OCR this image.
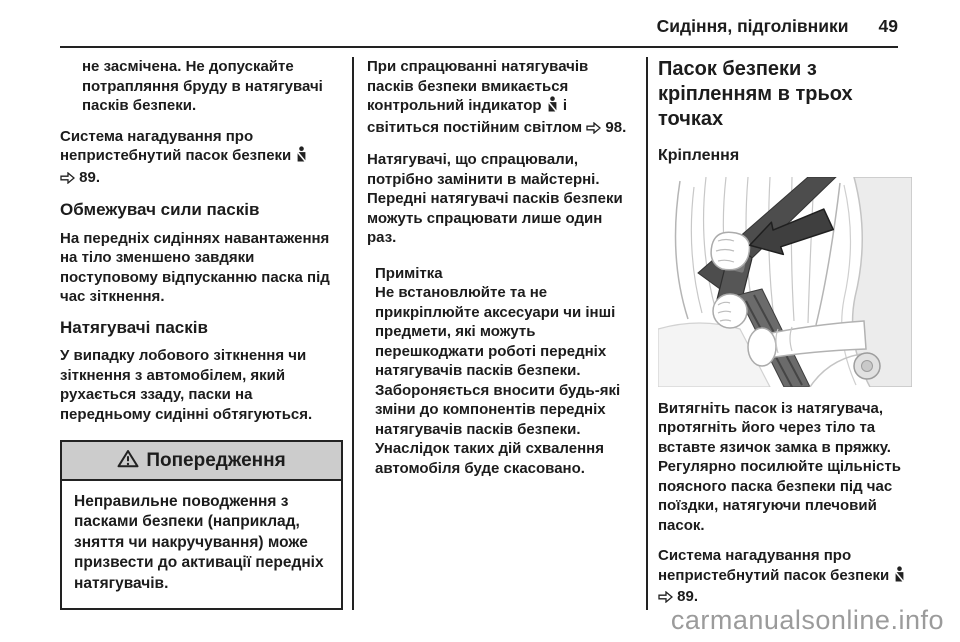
Сидіння, підголівники 49

не засмічена. Не допускайте потрапляння бруду в натягувачі пасків безпеки.

Система нагадування про непристебнутий пасок безпеки   89.

Обмежувач сили пасків

На передніх сидіннях навантаження на тіло зменшено завдяки поступовому відпусканню паска під час зіткнення.

Натягувачі пасків

У випадку лобового зіткнення чи зіткнення з автомобілем, який рухається ззаду, паски на передньому сидінні обтягуються.

Попередження
Неправильне поводження з пасками безпеки (наприклад, зняття чи накручування) може призвести до активації передніх натягувачів.

При спрацюванні натягувачів пасків безпеки вмикається контрольний індикатор і світиться постійним світлом 98.

Натягувачі, що спрацювали, потрібно замінити в майстерні. Передні натягувачі пасків безпеки можуть спрацювати лише один раз.

Примітка
Не встановлюйте та не прикріплюйте аксесуари чи інші предмети, які можуть перешкоджати роботі передніх натягувачів пасків безпеки. Забороняється вносити будь-які зміни до компонентів передніх натягувачів пасків безпеки. Унаслідок таких дій схвалення автомобіля буде скасовано.
Пасок безпеки з
кріпленням в трьох точках
Кріплення

Витягніть пасок із натягувача, протягніть його через тіло та вставте язичок замка в пряжку. Регулярно посилюйте щільність поясного паска безпеки під час поїздки, натягуючи плечовий пасок.

Система нагадування про непристебнутий пасок безпеки   89.

carmanualsonline.info
